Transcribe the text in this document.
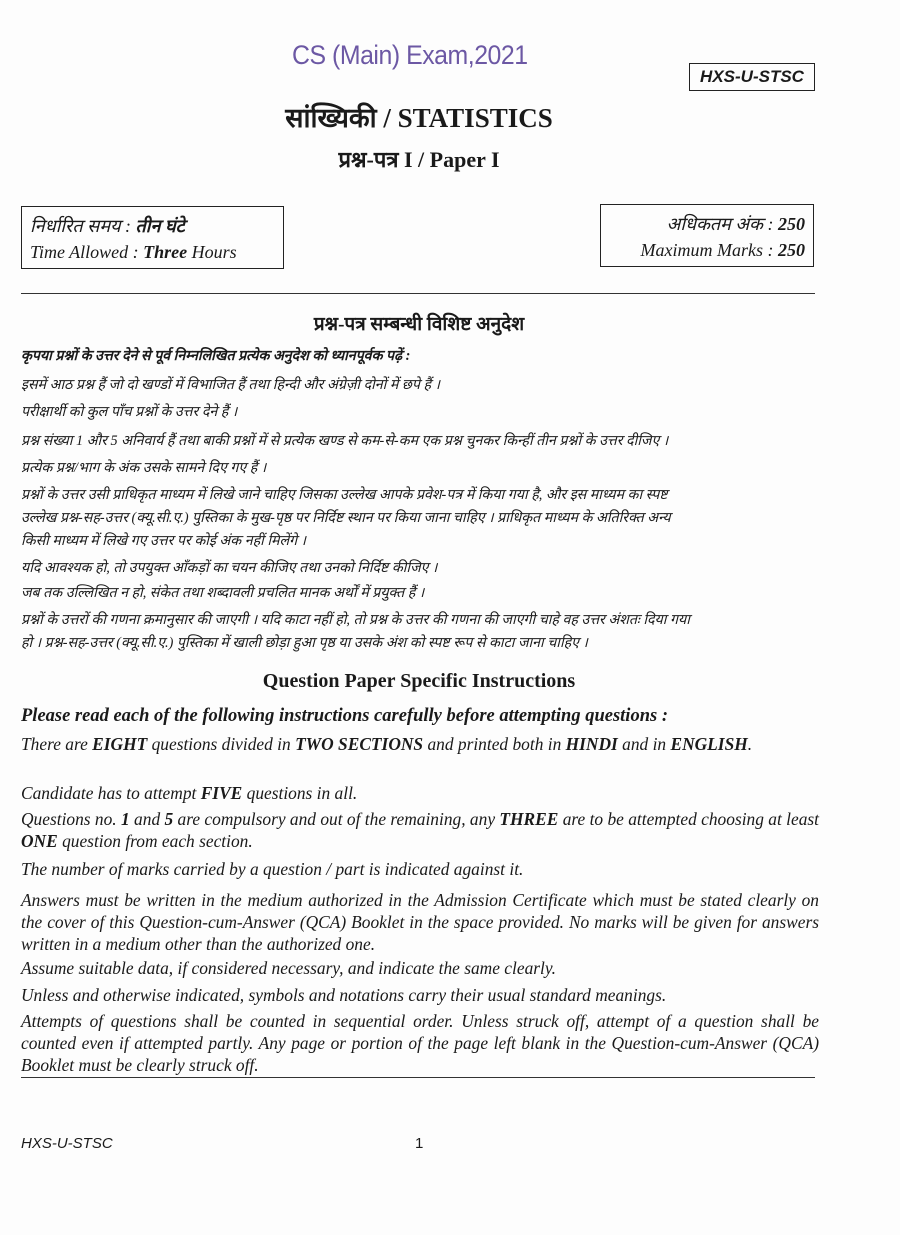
CS (Main) Exam,2021
HXS-U-STSC
सांख्यिकी / STATISTICS
प्रश्न-पत्र I / Paper I
निर्धारित समय : तीन घंटे
Time Allowed : Three Hours
अधिकतम अंक : 250
Maximum Marks : 250
प्रश्न-पत्र सम्बन्धी विशिष्ट अनुदेश
कृपया प्रश्नों के उत्तर देने से पूर्व निम्नलिखित प्रत्येक अनुदेश को ध्यानपूर्वक पढ़ें :
इसमें आठ प्रश्न हैं जो दो खण्डों में विभाजित हैं तथा हिन्दी और अंग्रेज़ी दोनों में छपे हैं ।
परीक्षार्थी को कुल पाँच प्रश्नों के उत्तर देने हैं ।
प्रश्न संख्या 1 और 5 अनिवार्य हैं तथा बाकी प्रश्नों में से प्रत्येक खण्ड से कम-से-कम एक प्रश्न चुनकर किन्हीं तीन प्रश्नों के उत्तर दीजिए ।
प्रत्येक प्रश्न/भाग के अंक उसके सामने दिए गए हैं ।
प्रश्नों के उत्तर उसी प्राधिकृत माध्यम में लिखे जाने चाहिए जिसका उल्लेख आपके प्रवेश-पत्र में किया गया है, और इस माध्यम का स्पष्ट
उल्लेख प्रश्न-सह-उत्तर (क्यू.सी.ए.) पुस्तिका के मुख-पृष्ठ पर निर्दिष्ट स्थान पर किया जाना चाहिए । प्राधिकृत माध्यम के अतिरिक्त अन्य
किसी माध्यम में लिखे गए उत्तर पर कोई अंक नहीं मिलेंगे ।
यदि आवश्यक हो, तो उपयुक्त आँकड़ों का चयन कीजिए तथा उनको निर्दिष्ट कीजिए ।
जब तक उल्लिखित न हो, संकेत तथा शब्दावली प्रचलित मानक अर्थों में प्रयुक्त हैं ।
प्रश्नों के उत्तरों की गणना क्रमानुसार की जाएगी । यदि काटा नहीं हो, तो प्रश्न के उत्तर की गणना की जाएगी चाहे वह उत्तर अंशतः दिया गया
हो । प्रश्न-सह-उत्तर (क्यू.सी.ए.) पुस्तिका में खाली छोड़ा हुआ पृष्ठ या उसके अंश को स्पष्ट रूप से काटा जाना चाहिए ।
Question Paper Specific Instructions
Please read each of the following instructions carefully before attempting questions :
There are EIGHT questions divided in TWO SECTIONS and printed both in HINDI and in ENGLISH.
Candidate has to attempt FIVE questions in all.
Questions no. 1 and 5 are compulsory and out of the remaining, any THREE are to be attempted choosing at least ONE question from each section.
The number of marks carried by a question / part is indicated against it.
Answers must be written in the medium authorized in the Admission Certificate which must be stated clearly on the cover of this Question-cum-Answer (QCA) Booklet in the space provided. No marks will be given for answers written in a medium other than the authorized one.
Assume suitable data, if considered necessary, and indicate the same clearly.
Unless and otherwise indicated, symbols and notations carry their usual standard meanings.
Attempts of questions shall be counted in sequential order. Unless struck off, attempt of a question shall be counted even if attempted partly. Any page or portion of the page left blank in the Question-cum-Answer (QCA) Booklet must be clearly struck off.
HXS-U-STSC	1
